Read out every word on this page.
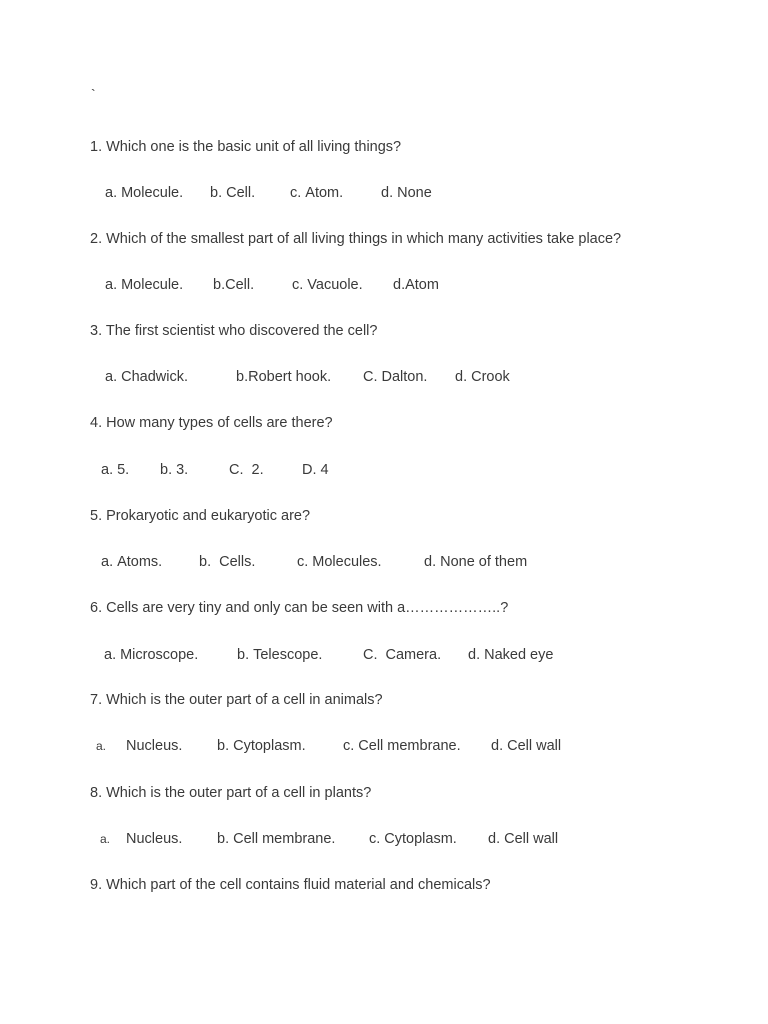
`
1. Which one is the basic unit of all living things?
a. Molecule. b. Cell. c. Atom.	d. None
2. Which of the smallest part of all living things in which many activities take place?
a. Molecule. b.Cell.	c. Vacuole. d.Atom
3. The first scientist who discovered the cell?
a. Chadwick.	b.Robert hook. C. Dalton. d. Crook
4. How many types of cells are there?
a. 5. b. 3.	C. 2.	D. 4
5. Prokaryotic and eukaryotic are?
a. Atoms.	b. Cells.	c. Molecules.	d. None of them
6. Cells are very tiny and only can be seen with a………………..?
a. Microscope.	b. Telescope.	C. Camera. d. Naked eye
7. Which is the outer part of a cell in animals?
a. Nucleus. b. Cytoplasm.	c. Cell membrane. d. Cell wall
8. Which is the outer part of a cell in plants?
a. Nucleus. b. Cell membrane. c. Cytoplasm. d. Cell wall
9. Which part of the cell contains fluid material and chemicals?
